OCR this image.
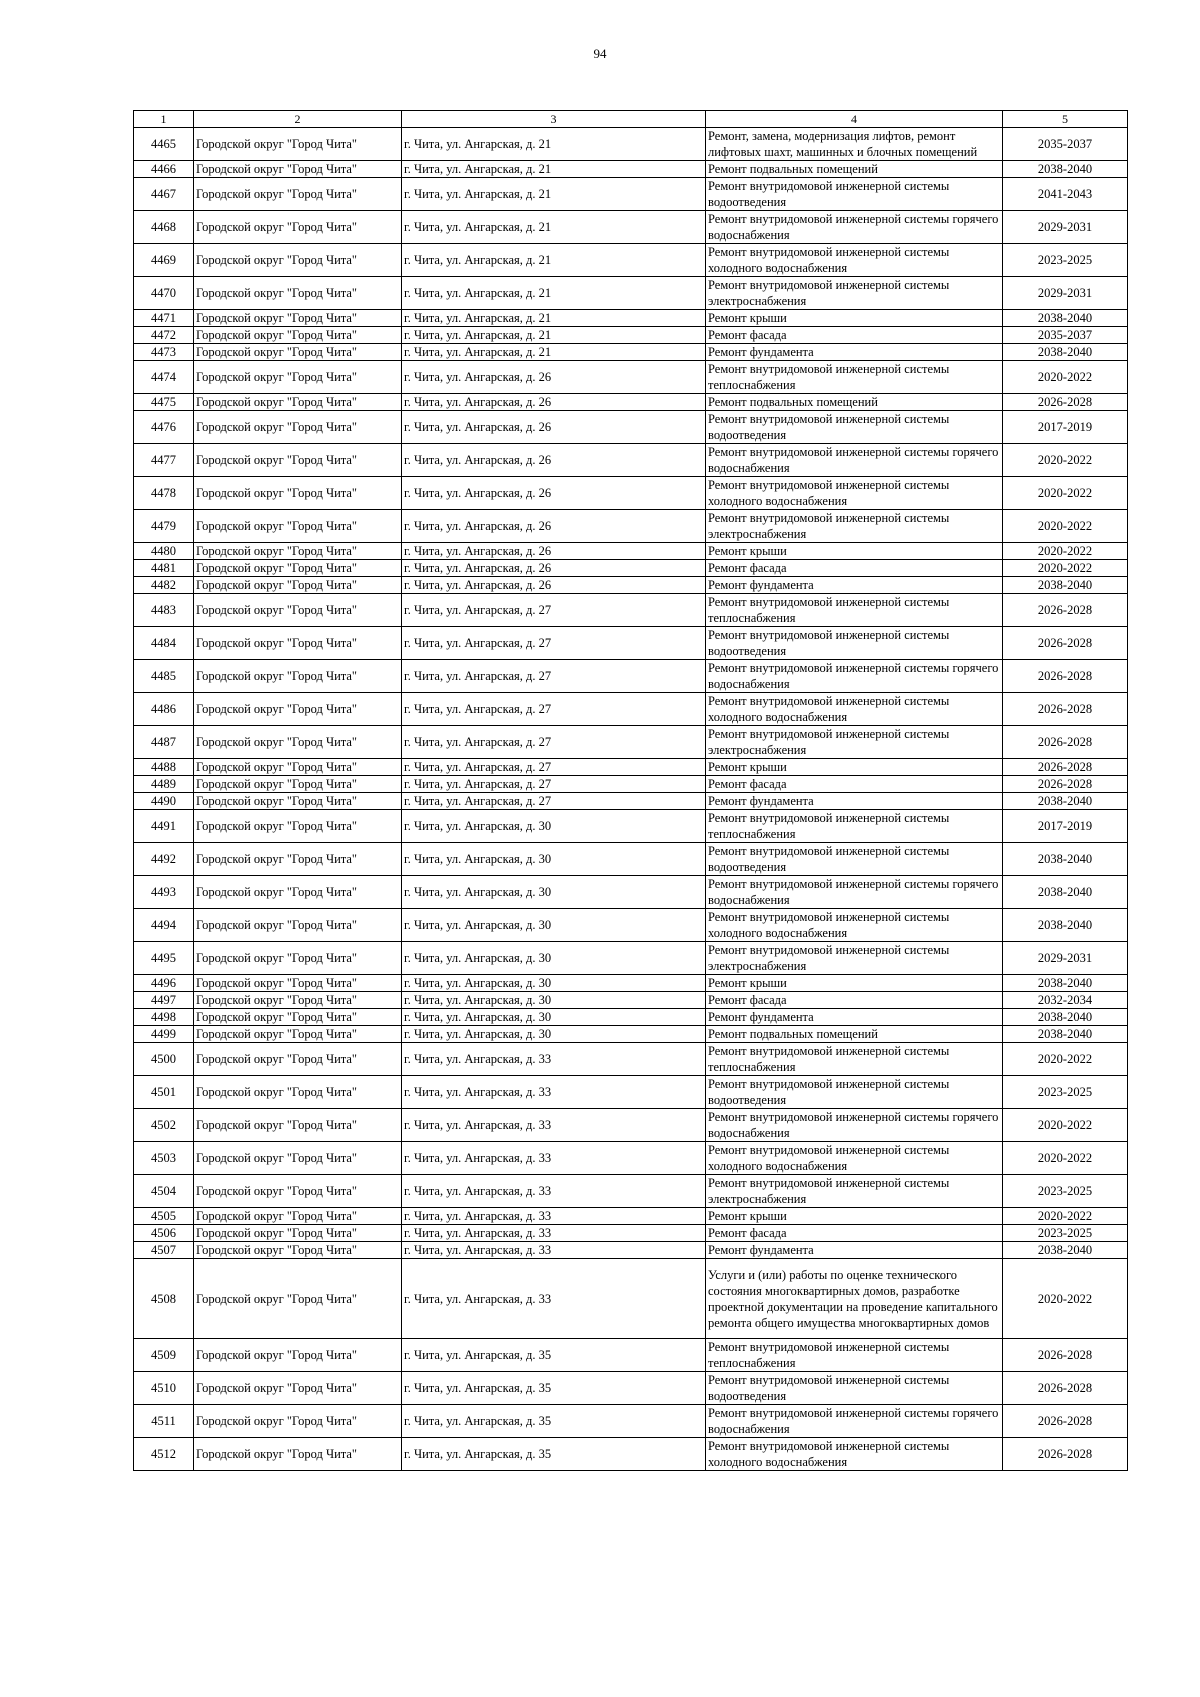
94
1	2	3	4	5
4465	Городской округ "Город Чита"	г. Чита, ул. Ангарская, д. 21	Ремонт, замена, модернизация лифтов, ремонт лифтовых шахт, машинных и блочных помещений	2035-2037
4466	Городской округ "Город Чита"	г. Чита, ул. Ангарская, д. 21	Ремонт подвальных помещений	2038-2040
4467	Городской округ "Город Чита"	г. Чита, ул. Ангарская, д. 21	Ремонт внутридомовой инженерной системы водоотведения	2041-2043
4468	Городской округ "Город Чита"	г. Чита, ул. Ангарская, д. 21	Ремонт внутридомовой инженерной системы горячего водоснабжения	2029-2031
4469	Городской округ "Город Чита"	г. Чита, ул. Ангарская, д. 21	Ремонт внутридомовой инженерной системы холодного водоснабжения	2023-2025
4470	Городской округ "Город Чита"	г. Чита, ул. Ангарская, д. 21	Ремонт внутридомовой инженерной системы электроснабжения	2029-2031
4471	Городской округ "Город Чита"	г. Чита, ул. Ангарская, д. 21	Ремонт крыши	2038-2040
4472	Городской округ "Город Чита"	г. Чита, ул. Ангарская, д. 21	Ремонт фасада	2035-2037
4473	Городской округ "Город Чита"	г. Чита, ул. Ангарская, д. 21	Ремонт фундамента	2038-2040
4474	Городской округ "Город Чита"	г. Чита, ул. Ангарская, д. 26	Ремонт внутридомовой инженерной системы теплоснабжения	2020-2022
4475	Городской округ "Город Чита"	г. Чита, ул. Ангарская, д. 26	Ремонт подвальных помещений	2026-2028
4476	Городской округ "Город Чита"	г. Чита, ул. Ангарская, д. 26	Ремонт внутридомовой инженерной системы водоотведения	2017-2019
4477	Городской округ "Город Чита"	г. Чита, ул. Ангарская, д. 26	Ремонт внутридомовой инженерной системы горячего водоснабжения	2020-2022
4478	Городской округ "Город Чита"	г. Чита, ул. Ангарская, д. 26	Ремонт внутридомовой инженерной системы холодного водоснабжения	2020-2022
4479	Городской округ "Город Чита"	г. Чита, ул. Ангарская, д. 26	Ремонт внутридомовой инженерной системы электроснабжения	2020-2022
4480	Городской округ "Город Чита"	г. Чита, ул. Ангарская, д. 26	Ремонт крыши	2020-2022
4481	Городской округ "Город Чита"	г. Чита, ул. Ангарская, д. 26	Ремонт фасада	2020-2022
4482	Городской округ "Город Чита"	г. Чита, ул. Ангарская, д. 26	Ремонт фундамента	2038-2040
4483	Городской округ "Город Чита"	г. Чита, ул. Ангарская, д. 27	Ремонт внутридомовой инженерной системы теплоснабжения	2026-2028
4484	Городской округ "Город Чита"	г. Чита, ул. Ангарская, д. 27	Ремонт внутридомовой инженерной системы водоотведения	2026-2028
4485	Городской округ "Город Чита"	г. Чита, ул. Ангарская, д. 27	Ремонт внутридомовой инженерной системы горячего водоснабжения	2026-2028
4486	Городской округ "Город Чита"	г. Чита, ул. Ангарская, д. 27	Ремонт внутридомовой инженерной системы холодного водоснабжения	2026-2028
4487	Городской округ "Город Чита"	г. Чита, ул. Ангарская, д. 27	Ремонт внутридомовой инженерной системы электроснабжения	2026-2028
4488	Городской округ "Город Чита"	г. Чита, ул. Ангарская, д. 27	Ремонт крыши	2026-2028
4489	Городской округ "Город Чита"	г. Чита, ул. Ангарская, д. 27	Ремонт фасада	2026-2028
4490	Городской округ "Город Чита"	г. Чита, ул. Ангарская, д. 27	Ремонт фундамента	2038-2040
4491	Городской округ "Город Чита"	г. Чита, ул. Ангарская, д. 30	Ремонт внутридомовой инженерной системы теплоснабжения	2017-2019
4492	Городской округ "Город Чита"	г. Чита, ул. Ангарская, д. 30	Ремонт внутридомовой инженерной системы водоотведения	2038-2040
4493	Городской округ "Город Чита"	г. Чита, ул. Ангарская, д. 30	Ремонт внутридомовой инженерной системы горячего водоснабжения	2038-2040
4494	Городской округ "Город Чита"	г. Чита, ул. Ангарская, д. 30	Ремонт внутридомовой инженерной системы холодного водоснабжения	2038-2040
4495	Городской округ "Город Чита"	г. Чита, ул. Ангарская, д. 30	Ремонт внутридомовой инженерной системы электроснабжения	2029-2031
4496	Городской округ "Город Чита"	г. Чита, ул. Ангарская, д. 30	Ремонт крыши	2038-2040
4497	Городской округ "Город Чита"	г. Чита, ул. Ангарская, д. 30	Ремонт фасада	2032-2034
4498	Городской округ "Город Чита"	г. Чита, ул. Ангарская, д. 30	Ремонт фундамента	2038-2040
4499	Городской округ "Город Чита"	г. Чита, ул. Ангарская, д. 30	Ремонт подвальных помещений	2038-2040
4500	Городской округ "Город Чита"	г. Чита, ул. Ангарская, д. 33	Ремонт внутридомовой инженерной системы теплоснабжения	2020-2022
4501	Городской округ "Город Чита"	г. Чита, ул. Ангарская, д. 33	Ремонт внутридомовой инженерной системы водоотведения	2023-2025
4502	Городской округ "Город Чита"	г. Чита, ул. Ангарская, д. 33	Ремонт внутридомовой инженерной системы горячего водоснабжения	2020-2022
4503	Городской округ "Город Чита"	г. Чита, ул. Ангарская, д. 33	Ремонт внутридомовой инженерной системы холодного водоснабжения	2020-2022
4504	Городской округ "Город Чита"	г. Чита, ул. Ангарская, д. 33	Ремонт внутридомовой инженерной системы электроснабжения	2023-2025
4505	Городской округ "Город Чита"	г. Чита, ул. Ангарская, д. 33	Ремонт крыши	2020-2022
4506	Городской округ "Город Чита"	г. Чита, ул. Ангарская, д. 33	Ремонт фасада	2023-2025
4507	Городской округ "Город Чита"	г. Чита, ул. Ангарская, д. 33	Ремонт фундамента	2038-2040
4508	Городской округ "Город Чита"	г. Чита, ул. Ангарская, д. 33	Услуги и (или) работы по оценке технического состояния многоквартирных домов, разработке проектной документации на проведение капитального ремонта общего имущества многоквартирных домов	2020-2022
4509	Городской округ "Город Чита"	г. Чита, ул. Ангарская, д. 35	Ремонт внутридомовой инженерной системы теплоснабжения	2026-2028
4510	Городской округ "Город Чита"	г. Чита, ул. Ангарская, д. 35	Ремонт внутридомовой инженерной системы водоотведения	2026-2028
4511	Городской округ "Город Чита"	г. Чита, ул. Ангарская, д. 35	Ремонт внутридомовой инженерной системы горячего водоснабжения	2026-2028
4512	Городской округ "Город Чита"	г. Чита, ул. Ангарская, д. 35	Ремонт внутридомовой инженерной системы холодного водоснабжения	2026-2028
